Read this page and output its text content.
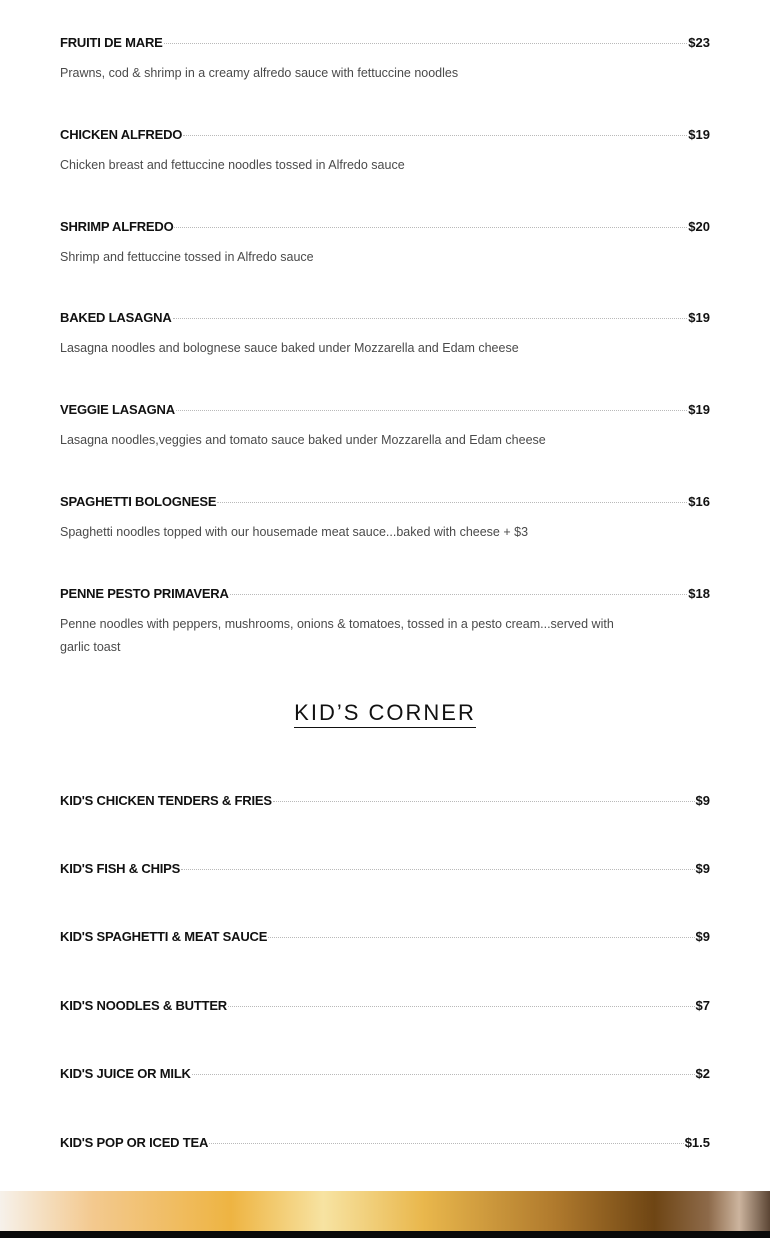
FRUITI DE MARE	$23
Prawns, cod & shrimp in a creamy alfredo sauce with fettuccine noodles
CHICKEN ALFREDO	$19
Chicken breast and fettuccine noodles tossed in Alfredo sauce
SHRIMP ALFREDO	$20
Shrimp and fettuccine tossed in Alfredo sauce
BAKED LASAGNA	$19
Lasagna noodles and bolognese sauce baked under Mozzarella and Edam cheese
VEGGIE LASAGNA	$19
Lasagna noodles,veggies and tomato sauce baked under Mozzarella and Edam cheese
SPAGHETTI BOLOGNESE	$16
Spaghetti noodles topped with our housemade meat sauce...baked with cheese + $3
PENNE PESTO PRIMAVERA	$18
Penne noodles with peppers, mushrooms, onions & tomatoes, tossed in a pesto cream...served with garlic toast
KID’S CORNER
KID'S CHICKEN TENDERS & FRIES	$9
KID'S FISH & CHIPS	$9
KID'S SPAGHETTI & MEAT SAUCE	$9
KID'S NOODLES & BUTTER	$7
KID'S JUICE OR MILK	$2
KID'S POP OR ICED TEA	$1.5
